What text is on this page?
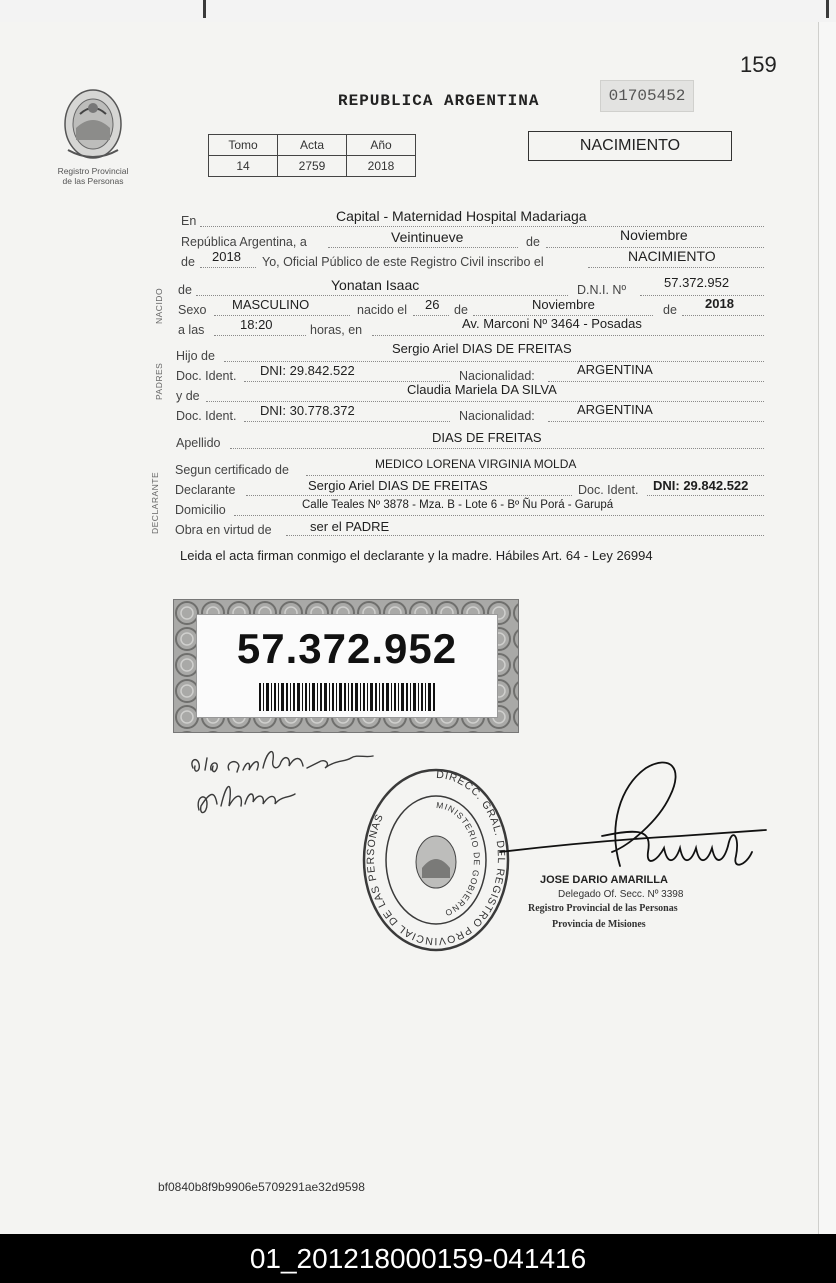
159
Registro Provincial
de las Personas
REPUBLICA ARGENTINA	01705452
Tomo	Acta	Año
14	2759	2018
NACIMIENTO
NACIDO
PADRES
DECLARANTE
En	Capital - Maternidad Hospital Madariaga
República Argentina, a	Veintinueve	de	Noviembre
de 2018 Yo, Oficial Público de este Registro Civil inscribo el	NACIMIENTO
de	Yonatan Isaac	D.N.I. Nº	57.372.952
Sexo MASCULINO	nacido el 26 de	Noviembre	de 2018
a las	18:20	horas, en	Av. Marconi Nº 3464 - Posadas
Hijo de	Sergio Ariel DIAS DE FREITAS
Doc. Ident. DNI: 29.842.522	Nacionalidad:	ARGENTINA
y de	Claudia Mariela DA SILVA
Doc. Ident. DNI: 30.778.372	Nacionalidad:	ARGENTINA
Apellido	DIAS DE FREITAS
Segun certificado de	MEDICO LORENA VIRGINIA MOLDA
Declarante	Sergio Ariel DIAS DE FREITAS	Doc. Ident. DNI: 29.842.522
Domicilio	Calle Teales Nº 3878 - Mza. B - Lote 6 - Bº Ñu Porá - Garupá
Obra en virtud de	ser el PADRE
Leida el acta firman conmigo el declarante y la madre. Hábiles Art. 64 - Ley 26994
57.372.952
DIRECC. GRAL. DEL REGISTRO PROVINCIAL DE LAS PERSONAS
MINISTERIO DE GOBIERNO
JOSE DARIO AMARILLA
Delegado Of. Secc. Nº 3398
Registro Provincial de las Personas
Provincia de Misiones
bf0840b8f9b9906e5709291ae32d9598
01_201218000159-041416
